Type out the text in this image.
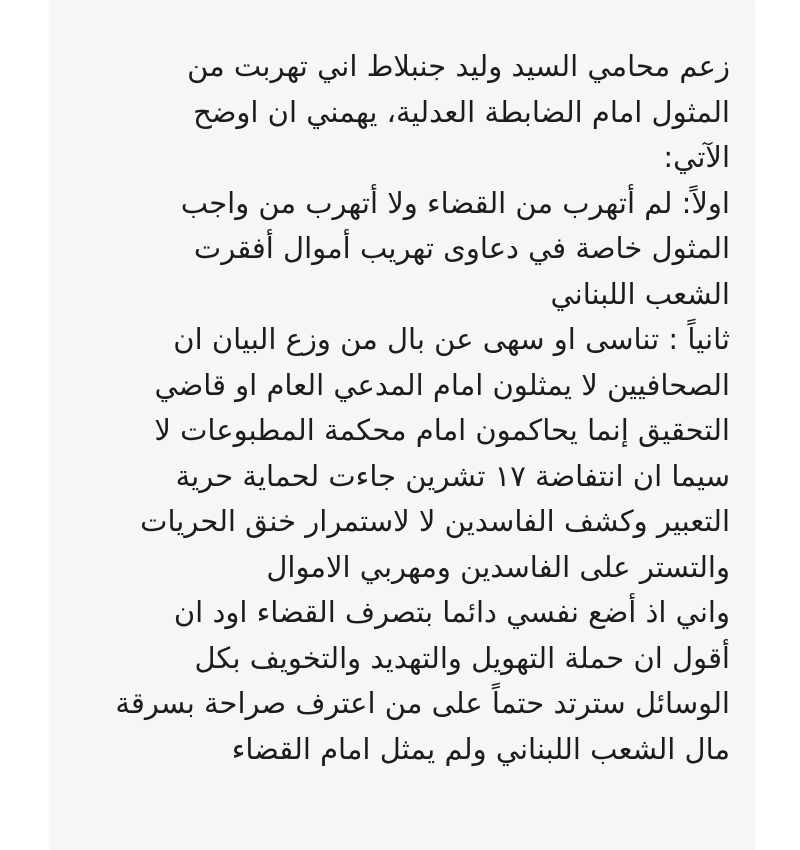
زعم محامي السيد وليد جنبلاط اني تهربت من
المثول امام الضابطة العدلية، يهمني ان اوضح
الآتي:
اولاً: لم أتهرب من القضاء ولا أتهرب من واجب
المثول خاصة في دعاوى تهريب أموال أفقرت
الشعب اللبناني
ثانياً : تناسى او سهى عن بال من وزع البيان ان
الصحافيين لا يمثلون امام المدعي العام او قاضي
التحقيق إنما يحاكمون امام محكمة المطبوعات لا
سيما ان انتفاضة ١٧ تشرين جاءت لحماية حرية
التعبير وكشف الفاسدين لا لاستمرار خنق الحريات
والتستر على الفاسدين ومهربي الاموال
واني اذ أضع نفسي دائما بتصرف القضاء اود ان
أقول ان حملة التهويل والتهديد والتخويف بكل
الوسائل سترتد حتماً على من اعترف صراحة بسرقة
مال الشعب اللبناني ولم يمثل امام القضاء
